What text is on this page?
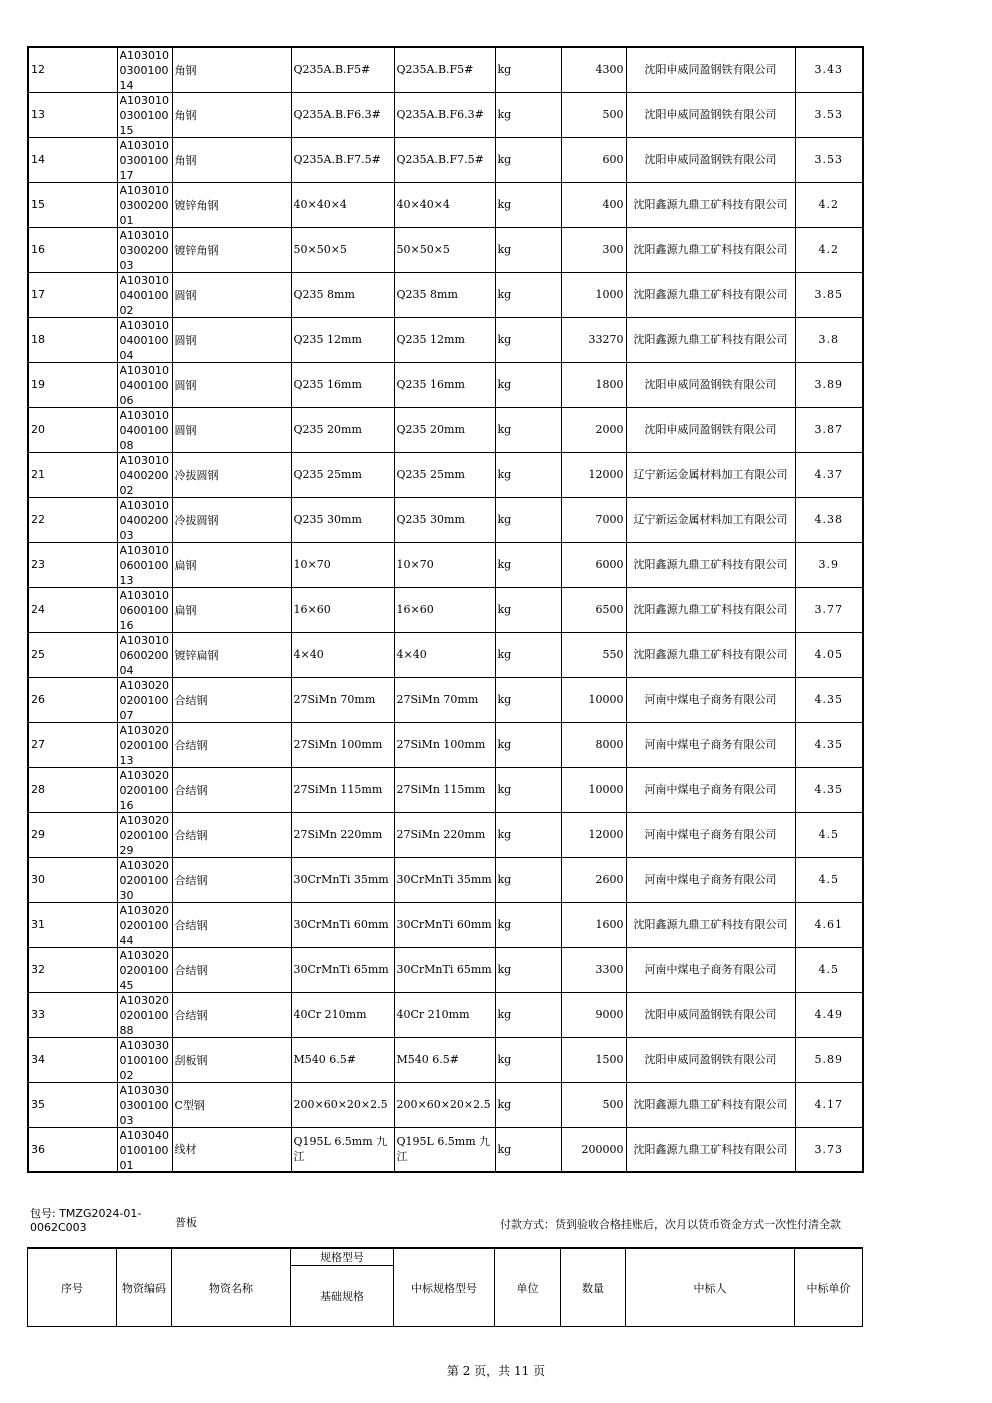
12	A1030100300100 14	角钢	Q235A.B.F5#	Q235A.B.F5#	kg	4300	沈阳申威同盈钢铁有限公司	3.43
13	A1030100300100 15	角钢	Q235A.B.F6.3#	Q235A.B.F6.3#	kg	500	沈阳申威同盈钢铁有限公司	3.53
14	A1030100300100 17	角钢	Q235A.B.F7.5#	Q235A.B.F7.5#	kg	600	沈阳申威同盈钢铁有限公司	3.53
15	A1030100300200 01	镀锌角钢	40×40×4	40×40×4	kg	400	沈阳鑫源九鼎工矿科技有限公司	4.2
16	A1030100300200 03	镀锌角钢	50×50×5	50×50×5	kg	300	沈阳鑫源九鼎工矿科技有限公司	4.2
17	A1030100400100 02	圆钢	Q235 8mm	Q235 8mm	kg	1000	沈阳鑫源九鼎工矿科技有限公司	3.85
18	A1030100400100 04	圆钢	Q235 12mm	Q235 12mm	kg	33270	沈阳鑫源九鼎工矿科技有限公司	3.8
19	A1030100400100 06	圆钢	Q235 16mm	Q235 16mm	kg	1800	沈阳申威同盈钢铁有限公司	3.89
20	A1030100400100 08	圆钢	Q235 20mm	Q235 20mm	kg	2000	沈阳申威同盈钢铁有限公司	3.87
21	A1030100400200 02	冷拔圆钢	Q235 25mm	Q235 25mm	kg	12000	辽宁新运金属材料加工有限公司	4.37
22	A1030100400200 03	冷拔圆钢	Q235 30mm	Q235 30mm	kg	7000	辽宁新运金属材料加工有限公司	4.38
23	A1030100600100 13	扁钢	10×70	10×70	kg	6000	沈阳鑫源九鼎工矿科技有限公司	3.9
24	A1030100600100 16	扁钢	16×60	16×60	kg	6500	沈阳鑫源九鼎工矿科技有限公司	3.77
25	A1030100600200 04	镀锌扁钢	4×40	4×40	kg	550	沈阳鑫源九鼎工矿科技有限公司	4.05
26	A1030200200100 07	合结钢	27SiMn 70mm	27SiMn 70mm	kg	10000	河南中煤电子商务有限公司	4.35
27	A1030200200100 13	合结钢	27SiMn 100mm	27SiMn 100mm	kg	8000	河南中煤电子商务有限公司	4.35
28	A1030200200100 16	合结钢	27SiMn 115mm	27SiMn 115mm	kg	10000	河南中煤电子商务有限公司	4.35
29	A1030200200100 29	合结钢	27SiMn 220mm	27SiMn 220mm	kg	12000	河南中煤电子商务有限公司	4.5
30	A1030200200100 30	合结钢	30CrMnTi 35mm	30CrMnTi 35mm	kg	2600	河南中煤电子商务有限公司	4.5
31	A1030200200100 44	合结钢	30CrMnTi 60mm	30CrMnTi 60mm	kg	1600	沈阳鑫源九鼎工矿科技有限公司	4.61
32	A1030200200100 45	合结钢	30CrMnTi 65mm	30CrMnTi 65mm	kg	3300	河南中煤电子商务有限公司	4.5
33	A1030200200100 88	合结钢	40Cr 210mm	40Cr 210mm	kg	9000	沈阳申威同盈钢铁有限公司	4.49
34	A1030300100100 02	刮板钢	M540 6.5#	M540 6.5#	kg	1500	沈阳申威同盈钢铁有限公司	5.89
35	A1030300300100 03	C型钢	200×60×20×2.5	200×60×20×2.5	kg	500	沈阳鑫源九鼎工矿科技有限公司	4.17
36	A1030400100100 01	线材	Q195L 6.5mm 九江	Q195L 6.5mm 九江	kg	200000	沈阳鑫源九鼎工矿科技有限公司	3.73
包号: TMZG2024-01-0062C003	普板	付款方式：货到验收合格挂账后，次月以货币资金方式一次性付清全款
序号	物资编码	物资名称	规格型号	中标规格型号	单位	数量	中标人	中标单价
基础规格
第 2 页，共 11 页
